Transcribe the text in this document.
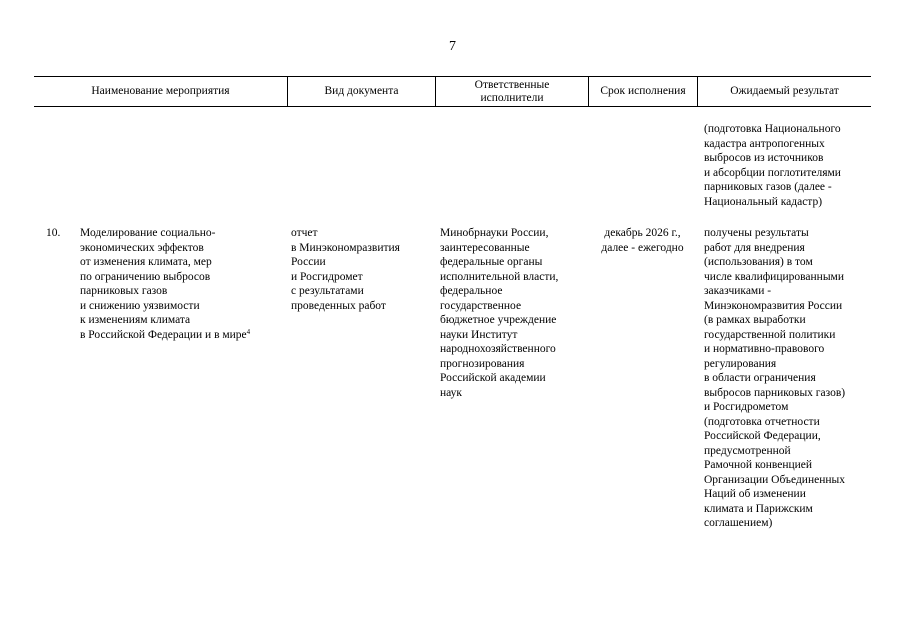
7
Наименование мероприятия	Вид документа
Ответственные
исполнители
Срок исполнения	Ожидаемый результат
(подготовка Национального
кадастра антропогенных
выбросов из источников
и абсорбции поглотителями
парниковых газов (далее -
Национальный кадастр)
10. Моделирование социально-
экономических эффектов
от изменения климата, мер
по ограничению выбросов
парниковых газов
и снижению уязвимости
к изменениям климата
в Российской Федерации и в мире$^4$
отчет
в Минэкономразвития
России
и Росгидромет
с результатами
проведенных работ
Минобрнауки России,
заинтересованные
федеральные органы
исполнительной власти,
федеральное
государственное
бюджетное учреждение
науки Институт
народнохозяйственного
прогнозирования
Российской академии
наук
декабрь 2026 г.,
далее - ежегодно
получены результаты
работ для внедрения
(использования) в том
числе квалифицированными
заказчиками -
Минэкономразвития России
(в рамках выработки
государственной политики
и нормативно-правового
регулирования
в области ограничения
выбросов парниковых газов)
и Росгидрометом
(подготовка отчетности
Российской Федерации,
предусмотренной
Рамочной конвенцией
Организации Объединенных
Наций об изменении
климата и Парижским
соглашением)
